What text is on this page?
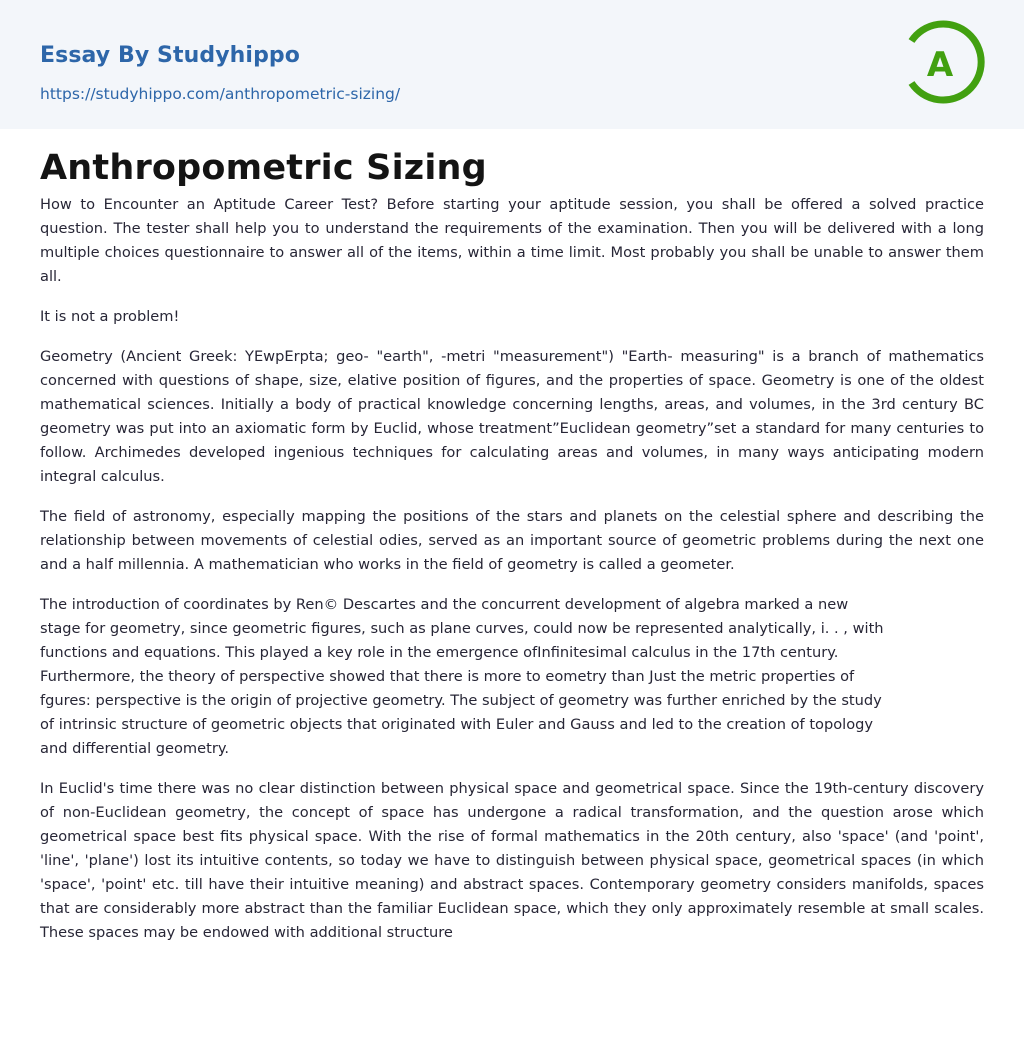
Essay By Studyhippo
https://studyhippo.com/anthropometric-sizing/
A
Anthropometric Sizing

How to Encounter an Aptitude Career Test? Before starting your aptitude session, you shall be offered a solved practice question. The tester shall help you to understand the requirements of the examination. Then you will be delivered with a long multiple choices questionnaire to answer all of the items, within a time limit. Most probably you shall be unable to answer them all.

It is not a problem!

Geometry (Ancient Greek: YEwpErpta; geo- "earth", -metri "measurement") "Earth- measuring" is a branch of mathematics concerned with questions of shape, size, elative position of figures, and the properties of space. Geometry is one of the oldest mathematical sciences. Initially a body of practical knowledge concerning lengths, areas, and volumes, in the 3rd century BC geometry was put into an axiomatic form by Euclid, whose treatment”Euclidean geometry”set a standard for many centuries to follow. Archimedes developed ingenious techniques for calculating areas and volumes, in many ways anticipating modern integral calculus.

The field of astronomy, especially mapping the positions of the stars and planets on the celestial sphere and describing the relationship between movements of celestial odies, served as an important source of geometric problems during the next one and a half millennia. A mathematician who works in the field of geometry is called a geometer.

The introduction of coordinates by Ren© Descartes and the concurrent development of algebra marked a new
stage for geometry, since geometric figures, such as plane curves, could now be represented analytically, i. . , with
functions and equations. This played a key role in the emergence ofInfinitesimal calculus in the 17th century.
Furthermore, the theory of perspective showed that there is more to eometry than Just the metric properties of
fgures: perspective is the origin of projective geometry. The subject of geometry was further enriched by the study
of intrinsic structure of geometric objects that originated with Euler and Gauss and led to the creation of topology
and differential geometry.

In Euclid's time there was no clear distinction between physical space and geometrical space. Since the 19th-century discovery of non-Euclidean geometry, the concept of space has undergone a radical transformation, and the question arose which geometrical space best fits physical space. With the rise of formal mathematics in the 20th century, also 'space' (and 'point', 'line', 'plane') lost its intuitive contents, so today we have to distinguish between physical space, geometrical spaces (in which 'space', 'point' etc. till have their intuitive meaning) and abstract spaces. Contemporary geometry considers manifolds, spaces that are considerably more abstract than the familiar Euclidean space, which they only approximately resemble at small scales. These spaces may be endowed with additional structure
